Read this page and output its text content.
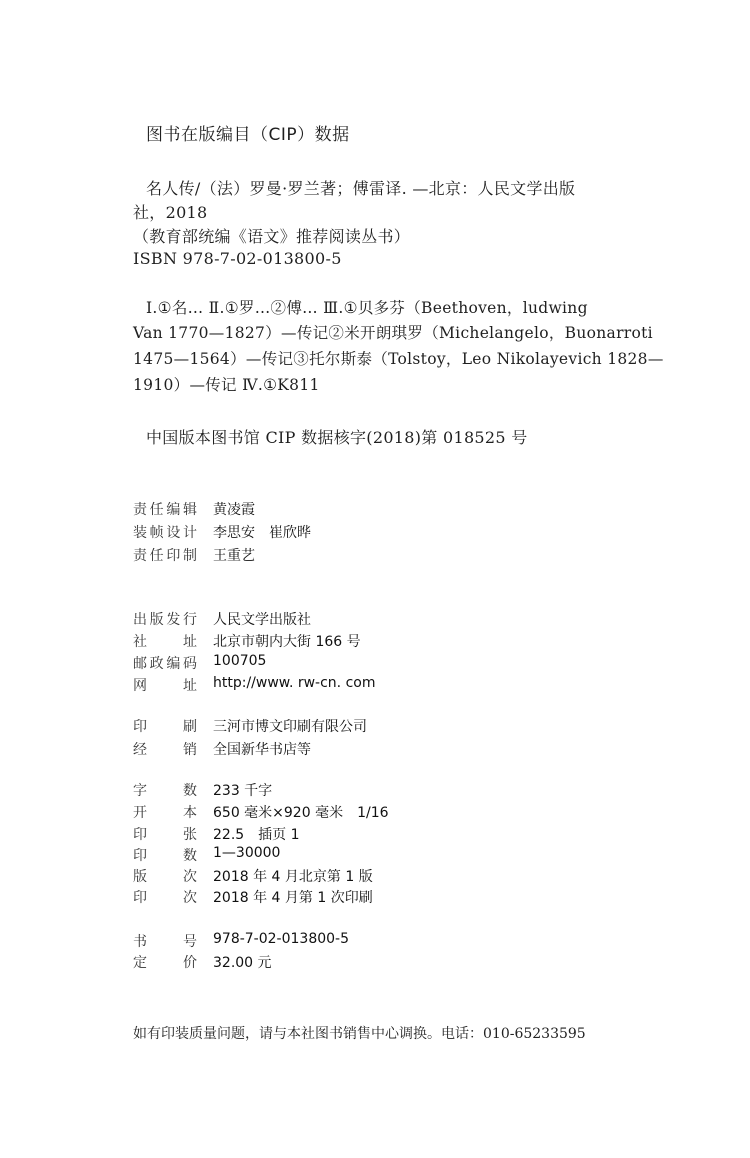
图书在版编目（CIP）数据
名人传/（法）罗曼·罗兰著；傅雷译. —北京：人民文学出版
社，2018
（教育部统编《语文》推荐阅读丛书）
ISBN 978-7-02-013800-5
Ⅰ.①名… Ⅱ.①罗…②傅… Ⅲ.①贝多芬（Beethoven，ludwing
Van 1770—1827）—传记②米开朗琪罗（Michelangelo，Buonarroti
1475—1564）—传记③托尔斯泰（Tolstoy，Leo Nikolayevich 1828—
1910）—传记 Ⅳ.①K811
中国版本图书馆 CIP 数据核字(2018)第 018525 号
责任编辑 黄凌霞
装帧设计 李思安　崔欣晔
责任印制 王重艺
出版发行 人民文学出版社
社址 北京市朝内大街 166 号
邮政编码 100705
网址 http://www. rw-cn. com
印刷 三河市博文印刷有限公司
经销 全国新华书店等
字数 233 千字
开本 650 毫米×920 毫米　1/16
印张 22.5　插页 1
印数 1—30000
版次 2018 年 4 月北京第 1 版
印次 2018 年 4 月第 1 次印刷
书号 978-7-02-013800-5
定价 32.00 元
如有印装质量问题，请与本社图书销售中心调换。电话：010-65233595
